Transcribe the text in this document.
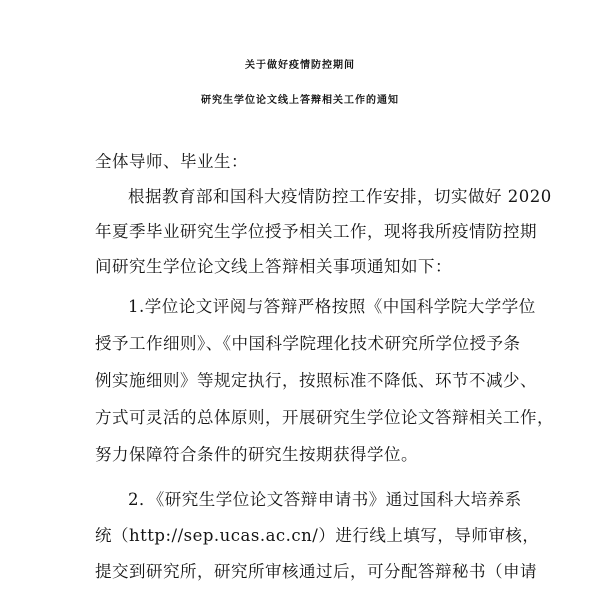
关于做好疫情防控期间
研究生学位论文线上答辩相关工作的通知
全体导师、毕业生：
根据教育部和国科大疫情防控工作安排，切实做好 2020
年夏季毕业研究生学位授予相关工作，现将我所疫情防控期
间研究生学位论文线上答辩相关事项通知如下：
1.学位论文评阅与答辩严格按照《中国科学院大学学位
授予工作细则》、《中国科学院理化技术研究所学位授予条
例实施细则》等规定执行，按照标准不降低、环节不减少、
方式可灵活的总体原则，开展研究生学位论文答辩相关工作，
努力保障符合条件的研究生按期获得学位。
2．《研究生学位论文答辩申请书》通过国科大培养系
统（http://sep.ucas.ac.cn/）进行线上填写，导师审核，
提交到研究所，研究所审核通过后，可分配答辩秘书（申请
